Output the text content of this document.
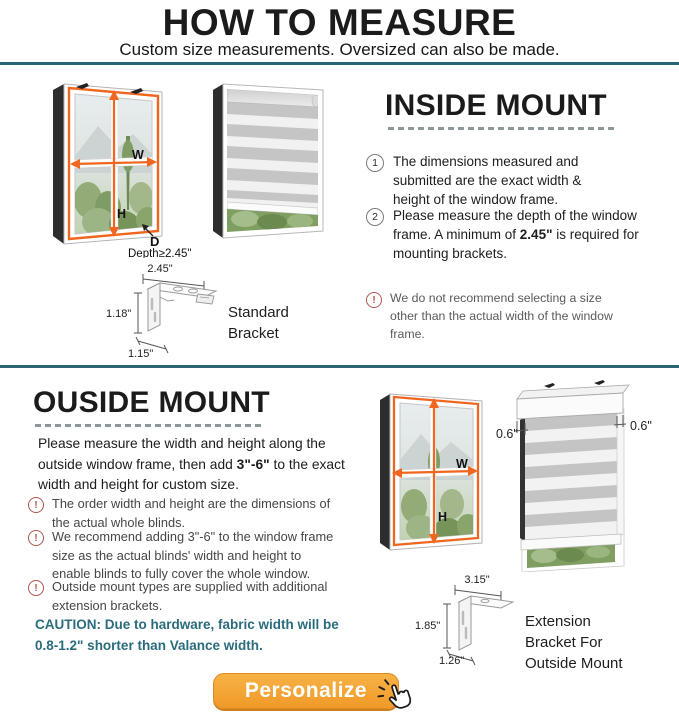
HOW TO MEASURE
Custom size measurements. Oversized can also be made.
W
H
D
Depth≥2.45"
2.45"
1.18"
1.15"
Standard
Bracket
INSIDE MOUNT
1	The dimensions measured and submitted are the exact width & height of the window frame.
2	Please measure the depth of the window frame. A minimum of 2.45" is required for mounting brackets.
!	We do not recommend selecting a size other than the actual width of the window frame.
OUSIDE MOUNT
Please measure the width and height along the outside window frame, then add 3"-6" to the exact width and height for custom size.
!	The order width and height are the dimensions of the actual whole blinds.
!	We recommend adding 3"-6" to the window frame size as the actual blinds' width and height to enable blinds to fully cover the whole window.
!	Outside mount types are supplied with additional extension brackets.
CAUTION: Due to hardware, fabric width will be
0.8-1.2" shorter than Valance width.
W
H
0.6"
0.6"
3.15"
1.85"
1.26"
Extension
Bracket For
Outside Mount
Personalize
